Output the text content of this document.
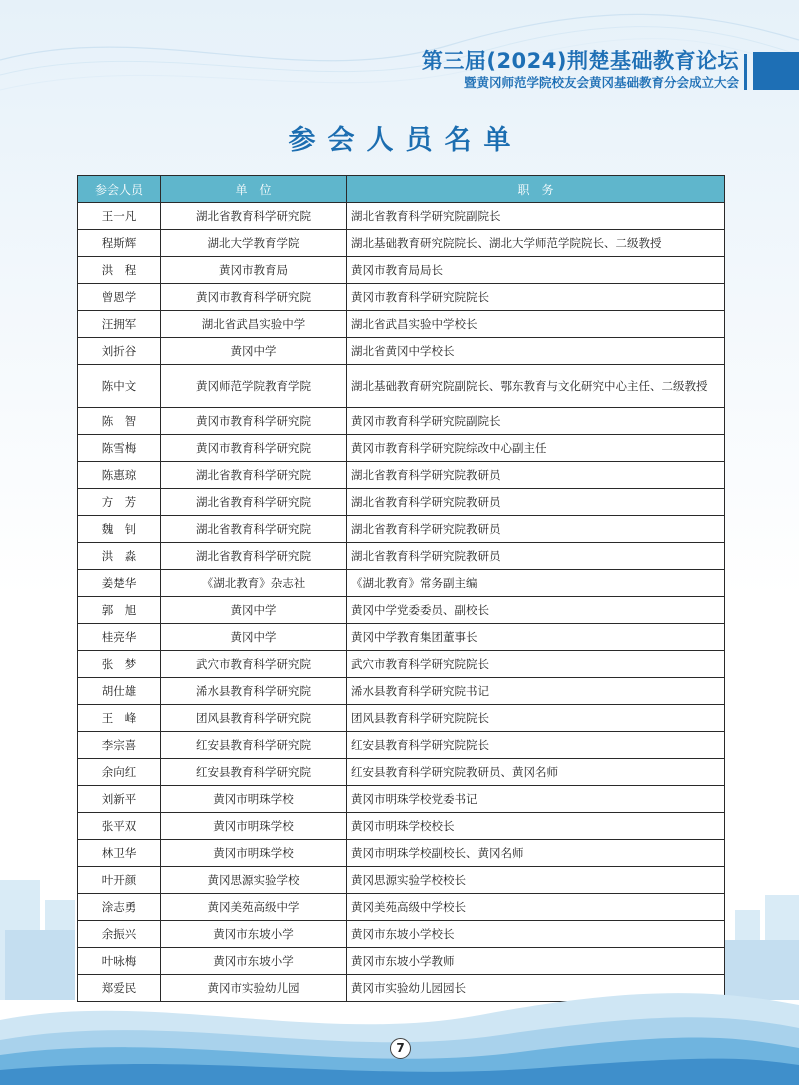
第三届(2024)荆楚基础教育论坛
暨黄冈师范学院校友会黄冈基础教育分会成立大会
参会人员名单
参会人员	单　位	职　务
王一凡	湖北省教育科学研究院	湖北省教育科学研究院副院长
程斯辉	湖北大学教育学院	湖北基础教育研究院院长、湖北大学师范学院院长、二级教授
洪　程	黄冈市教育局	黄冈市教育局局长
曾恩学	黄冈市教育科学研究院	黄冈市教育科学研究院院长
汪拥军	湖北省武昌实验中学	湖北省武昌实验中学校长
刘折谷	黄冈中学	湖北省黄冈中学校长
陈中文	黄冈师范学院教育学院	湖北基础教育研究院副院长、鄂东教育与文化研究中心主任、二级教授
陈　智	黄冈市教育科学研究院	黄冈市教育科学研究院副院长
陈雪梅	黄冈市教育科学研究院	黄冈市教育科学研究院综改中心副主任
陈惠琼	湖北省教育科学研究院	湖北省教育科学研究院教研员
方　芳	湖北省教育科学研究院	湖北省教育科学研究院教研员
魏　钊	湖北省教育科学研究院	湖北省教育科学研究院教研员
洪　淼	湖北省教育科学研究院	湖北省教育科学研究院教研员
姜楚华	《湖北教育》杂志社	《湖北教育》常务副主编
郭　旭	黄冈中学	黄冈中学党委委员、副校长
桂亮华	黄冈中学	黄冈中学教育集团董事长
张　梦	武穴市教育科学研究院	武穴市教育科学研究院院长
胡仕雄	浠水县教育科学研究院	浠水县教育科学研究院书记
王　峰	团风县教育科学研究院	团风县教育科学研究院院长
李宗喜	红安县教育科学研究院	红安县教育科学研究院院长
余向红	红安县教育科学研究院	红安县教育科学研究院教研员、黄冈名师
刘新平	黄冈市明珠学校	黄冈市明珠学校党委书记
张平双	黄冈市明珠学校	黄冈市明珠学校校长
林卫华	黄冈市明珠学校	黄冈市明珠学校副校长、黄冈名师
叶开颜	黄冈思源实验学校	黄冈思源实验学校校长
涂志勇	黄冈美苑高级中学	黄冈美苑高级中学校长
余振兴	黄冈市东坡小学	黄冈市东坡小学校长
叶咏梅	黄冈市东坡小学	黄冈市东坡小学教师
郑爱民	黄冈市实验幼儿园	黄冈市实验幼儿园园长
7
